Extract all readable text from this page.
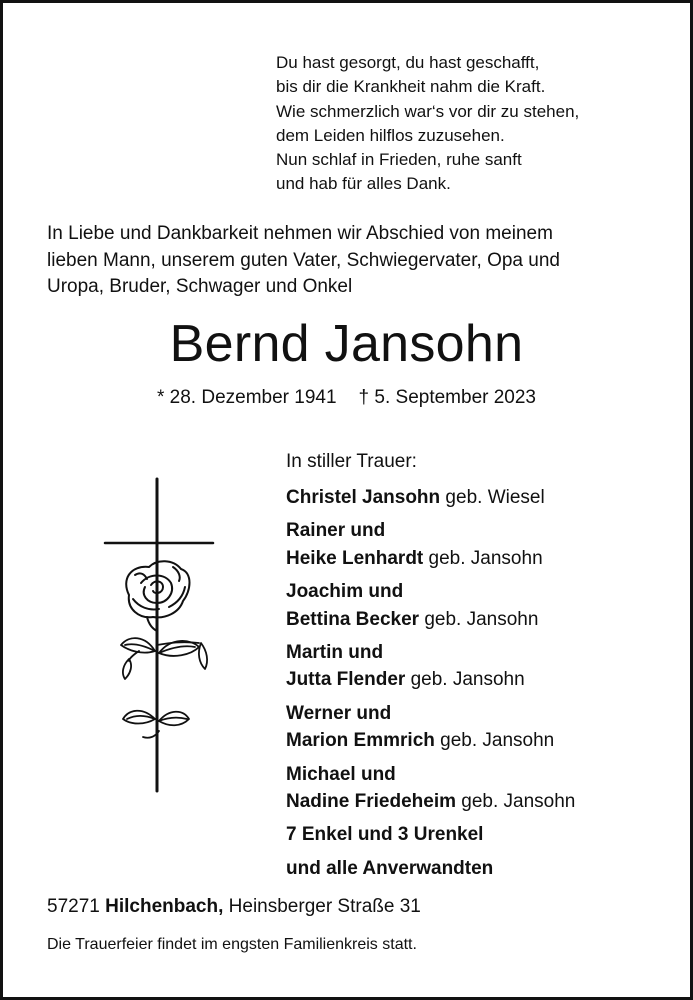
Du hast gesorgt, du hast geschafft,
bis dir die Krankheit nahm die Kraft.
Wie schmerzlich war‘s vor dir zu stehen,
dem Leiden hilflos zuzusehen.
Nun schlaf in Frieden, ruhe sanft
und hab für alles Dank.
In Liebe und Dankbarkeit nehmen wir Abschied von meinem
lieben Mann, unserem guten Vater, Schwiegervater, Opa und
Uropa, Bruder, Schwager und Onkel
Bernd Jansohn
* 28. Dezember 1941 † 5. September 2023
In stiller Trauer:
Christel Jansohn geb. Wiesel
Rainer und
Heike Lenhardt geb. Jansohn
Joachim und
Bettina Becker geb. Jansohn
Martin und
Jutta Flender geb. Jansohn
Werner und
Marion Emmrich geb. Jansohn
Michael und
Nadine Friedeheim geb. Jansohn
7 Enkel und 3 Urenkel
und alle Anverwandten
57271 Hilchenbach, Heinsberger Straße 31
Die Trauerfeier findet im engsten Familienkreis statt.
